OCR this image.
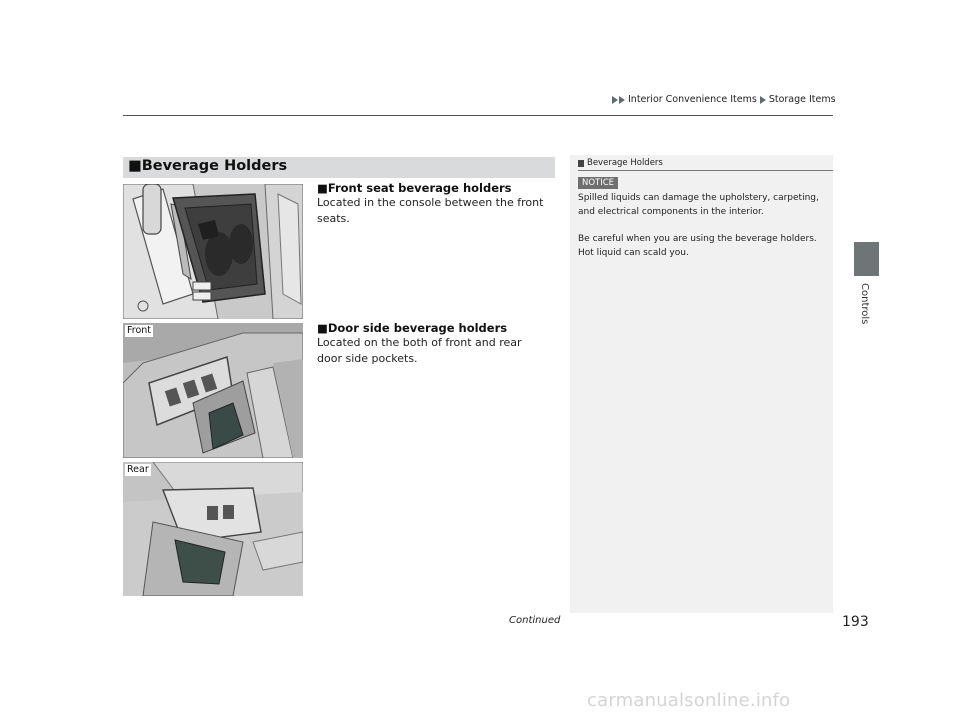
Interior Convenience Items Storage Items
Controls
■Beverage Holders
Front
Rear
■Front seat beverage holders
Located in the console between the front seats.
■Door side beverage holders
Located on the both of front and rear door side pockets.
Beverage Holders
NOTICE
Spilled liquids can damage the upholstery, carpeting, and electrical components in the interior.
Be careful when you are using the beverage holders. Hot liquid can scald you.
Continued	193
carmanualsonline.info
